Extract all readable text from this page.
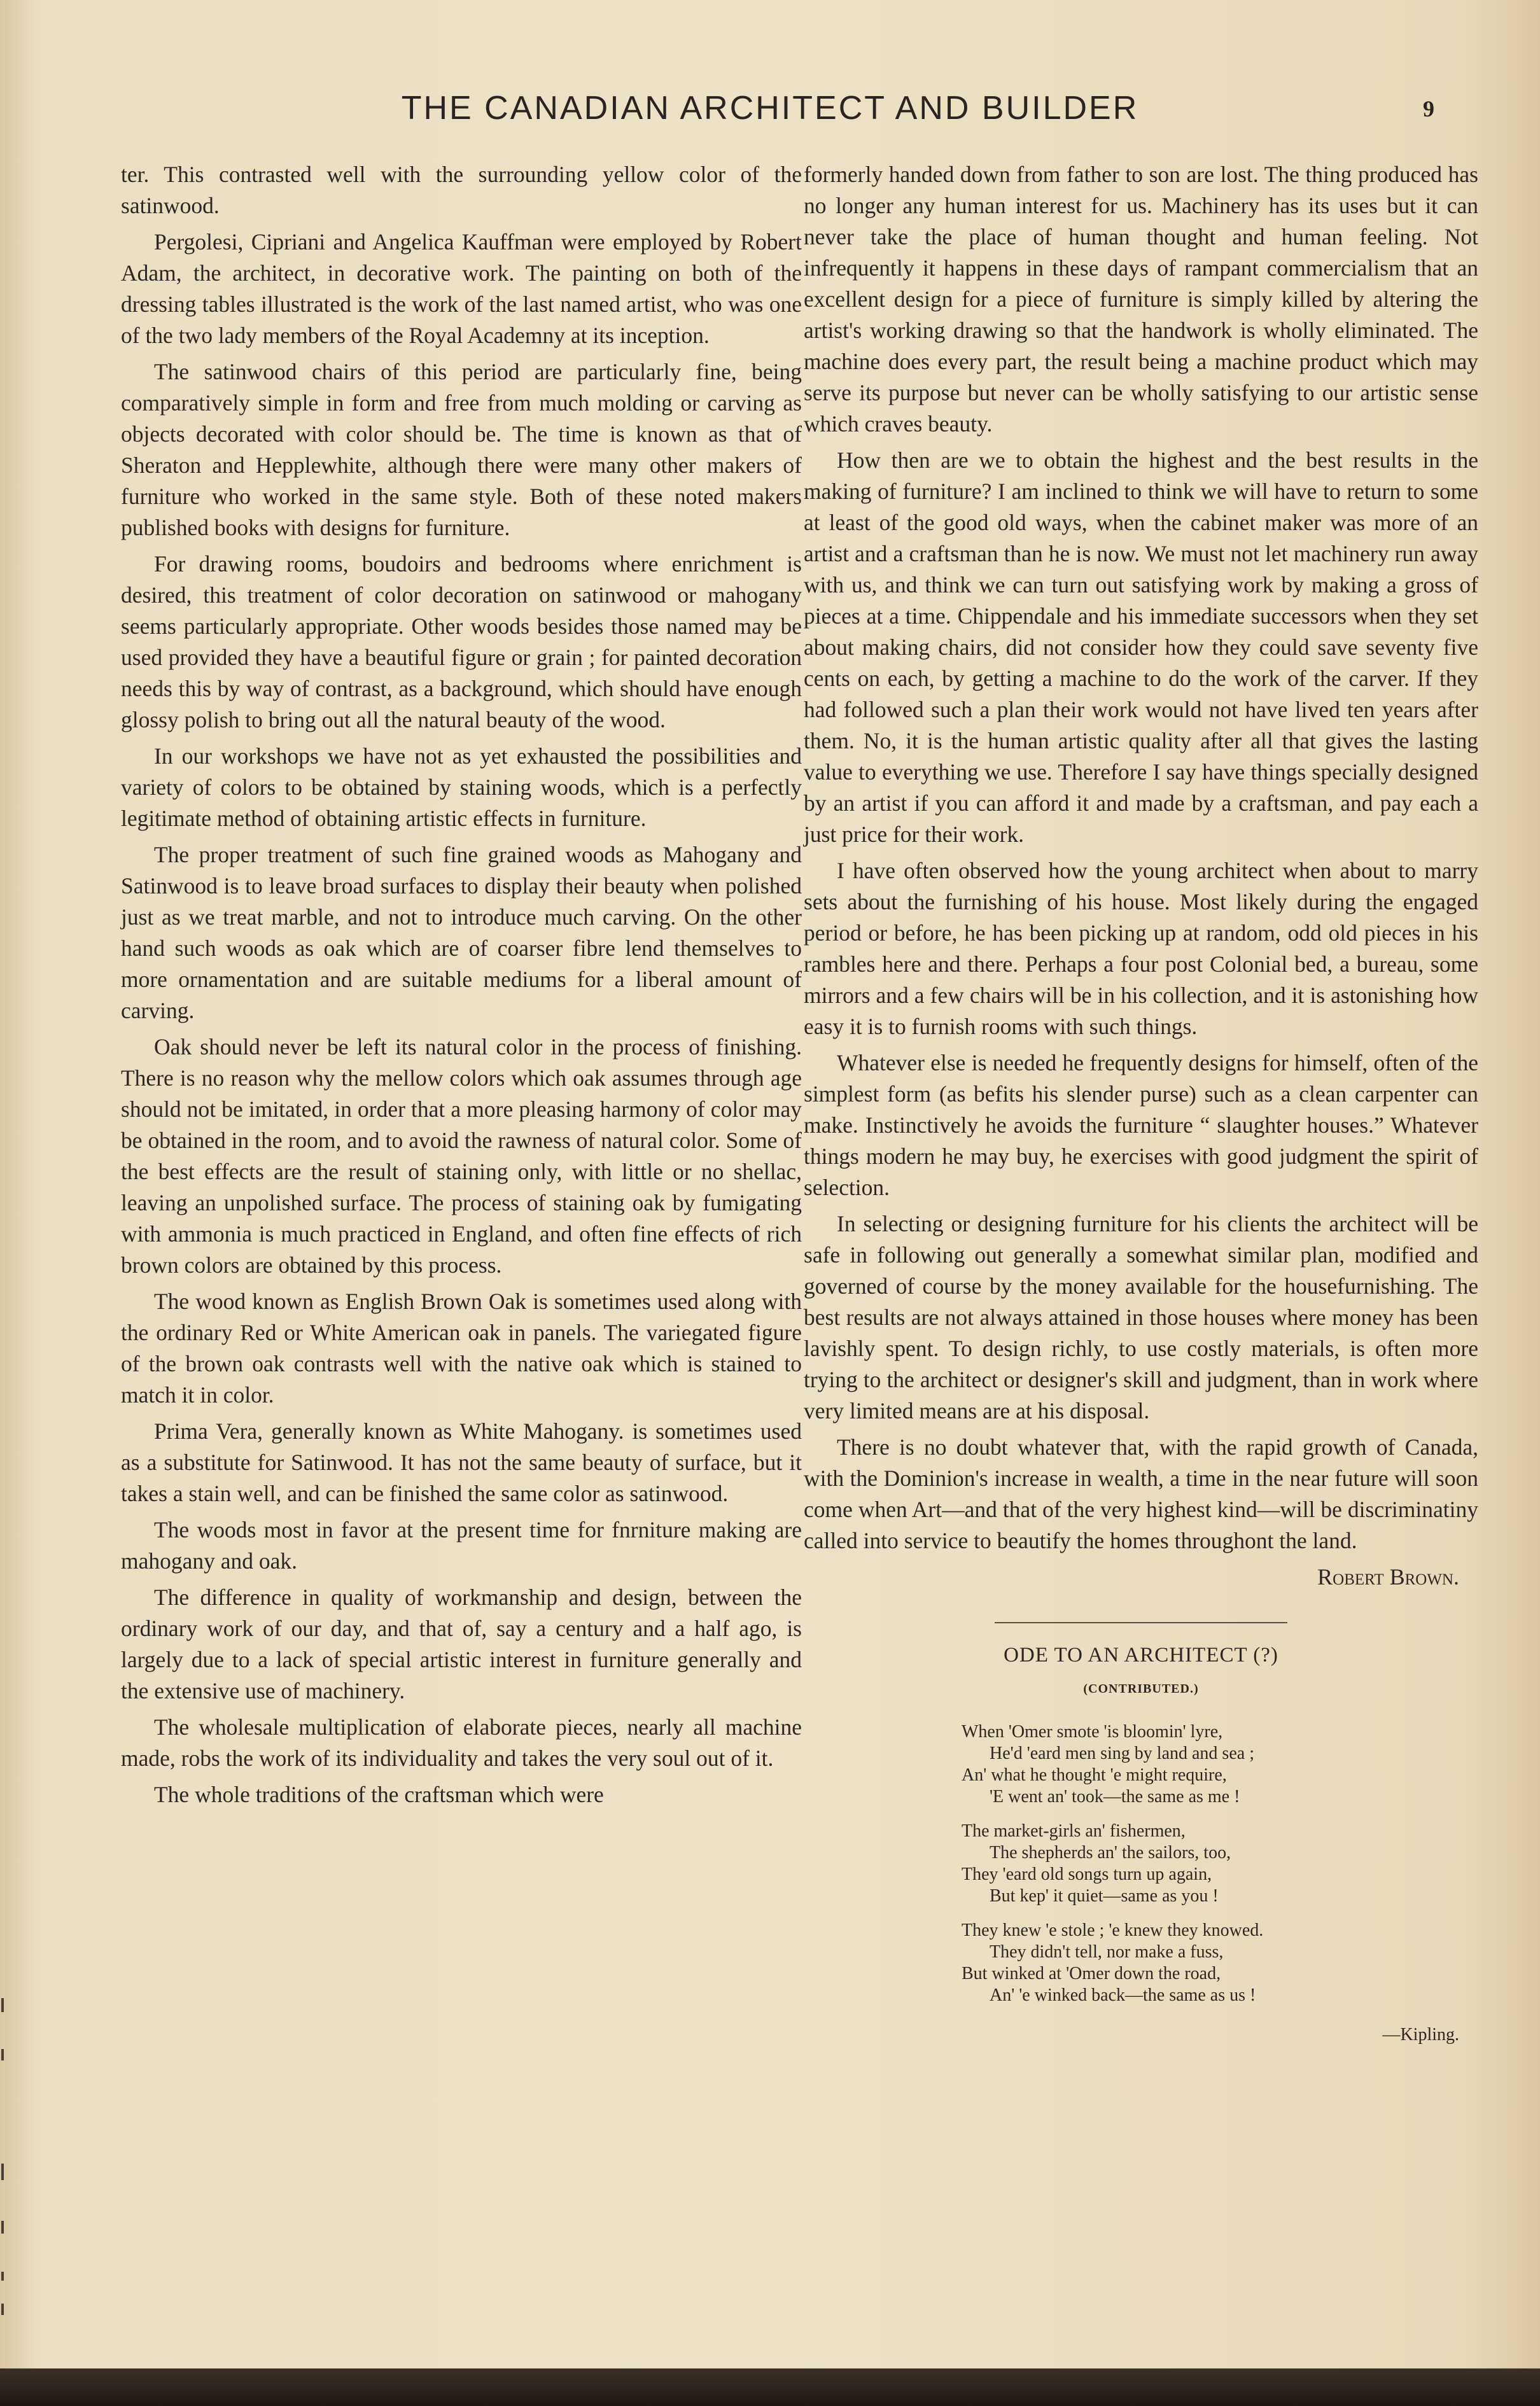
THE CANADIAN ARCHITECT AND BUILDER	9

ter. This contrasted well with the surrounding yellow color of the satinwood.

Pergolesi, Cipriani and Angelica Kauffman were employed by Robert Adam, the architect, in decorative work. The painting on both of the dressing tables illustrated is the work of the last named artist, who was one of the two lady members of the Royal Academny at its inception.

The satinwood chairs of this period are particularly fine, being comparatively simple in form and free from much molding or carving as objects decorated with color should be. The time is known as that of Sheraton and Hepplewhite, although there were many other makers of furniture who worked in the same style. Both of these noted makers published books with designs for furniture.

For drawing rooms, boudoirs and bedrooms where enrichment is desired, this treatment of color decoration on satinwood or mahogany seems particularly appropriate. Other woods besides those named may be used provided they have a beautiful figure or grain ; for painted decoration needs this by way of contrast, as a background, which should have enough glossy polish to bring out all the natural beauty of the wood.

In our workshops we have not as yet exhausted the possibilities and variety of colors to be obtained by staining woods, which is a perfectly legitimate method of obtaining artistic effects in furniture.

The proper treatment of such fine grained woods as Mahogany and Satinwood is to leave broad surfaces to display their beauty when polished just as we treat marble, and not to introduce much carving. On the other hand such woods as oak which are of coarser fibre lend themselves to more ornamentation and are suitable mediums for a liberal amount of carving.

Oak should never be left its natural color in the process of finishing. There is no reason why the mellow colors which oak assumes through age should not be imitated, in order that a more pleasing harmony of color may be obtained in the room, and to avoid the rawness of natural color. Some of the best effects are the result of staining only, with little or no shellac, leaving an unpolished surface. The process of staining oak by fumigating with ammonia is much practiced in England, and often fine effects of rich brown colors are obtained by this process.

The wood known as English Brown Oak is sometimes used along with the ordinary Red or White American oak in panels. The variegated figure of the brown oak contrasts well with the native oak which is stained to match it in color.

Prima Vera, generally known as White Mahogany. is sometimes used as a substitute for Satinwood. It has not the same beauty of surface, but it takes a stain well, and can be finished the same color as satinwood.

The woods most in favor at the present time for fnrniture making are mahogany and oak.

The difference in quality of workmanship and design, between the ordinary work of our day, and that of, say a century and a half ago, is largely due to a lack of special artistic interest in furniture generally and the extensive use of machinery.

The wholesale multiplication of elaborate pieces, nearly all machine made, robs the work of its individuality and takes the very soul out of it.

The whole traditions of the craftsman which were

formerly handed down from father to son are lost. The thing produced has no longer any human interest for us. Machinery has its uses but it can never take the place of human thought and human feeling. Not infrequently it happens in these days of rampant commercialism that an excellent design for a piece of furniture is simply killed by altering the artist's working drawing so that the handwork is wholly eliminated. The machine does every part, the result being a machine product which may serve its purpose but never can be wholly satisfying to our artistic sense which craves beauty.

How then are we to obtain the highest and the best results in the making of furniture? I am inclined to think we will have to return to some at least of the good old ways, when the cabinet maker was more of an artist and a craftsman than he is now. We must not let machinery run away with us, and think we can turn out satisfying work by making a gross of pieces at a time. Chippendale and his immediate successors when they set about making chairs, did not consider how they could save seventy five cents on each, by getting a machine to do the work of the carver. If they had followed such a plan their work would not have lived ten years after them. No, it is the human artistic quality after all that gives the lasting value to everything we use. Therefore I say have things specially designed by an artist if you can afford it and made by a craftsman, and pay each a just price for their work.

I have often observed how the young architect when about to marry sets about the furnishing of his house. Most likely during the engaged period or before, he has been picking up at random, odd old pieces in his rambles here and there. Perhaps a four post Colonial bed, a bureau, some mirrors and a few chairs will be in his collection, and it is astonishing how easy it is to furnish rooms with such things.

Whatever else is needed he frequently designs for himself, often of the simplest form (as befits his slender purse) such as a clean carpenter can make. Instinctively he avoids the furniture “ slaughter houses.” Whatever things modern he may buy, he exercises with good judgment the spirit of selection.

In selecting or designing furniture for his clients the architect will be safe in following out generally a somewhat similar plan, modified and governed of course by the money available for the housefurnishing. The best results are not always attained in those houses where money has been lavishly spent. To design richly, to use costly materials, is often more trying to the architect or designer's skill and judgment, than in work where very limited means are at his disposal.

There is no doubt whatever that, with the rapid growth of Canada, with the Dominion's increase in wealth, a time in the near future will soon come when Art—and that of the very highest kind—will be discriminatiny called into service to beautify the homes throughont the land.

Robert Brown.
ODE TO AN ARCHITECT (?)
(CONTRIBUTED.)
When 'Omer smote 'is bloomin' lyre,
He'd 'eard men sing by land and sea ;
An' what he thought 'e might require,
'E went an' took—the same as me !
The market-girls an' fishermen,
The shepherds an' the sailors, too,
They 'eard old songs turn up again,
But kep' it quiet—same as you !
They knew 'e stole ; 'e knew they knowed.
They didn't tell, nor make a fuss,
But winked at 'Omer down the road,
An' 'e winked back—the same as us !
—Kipling.
